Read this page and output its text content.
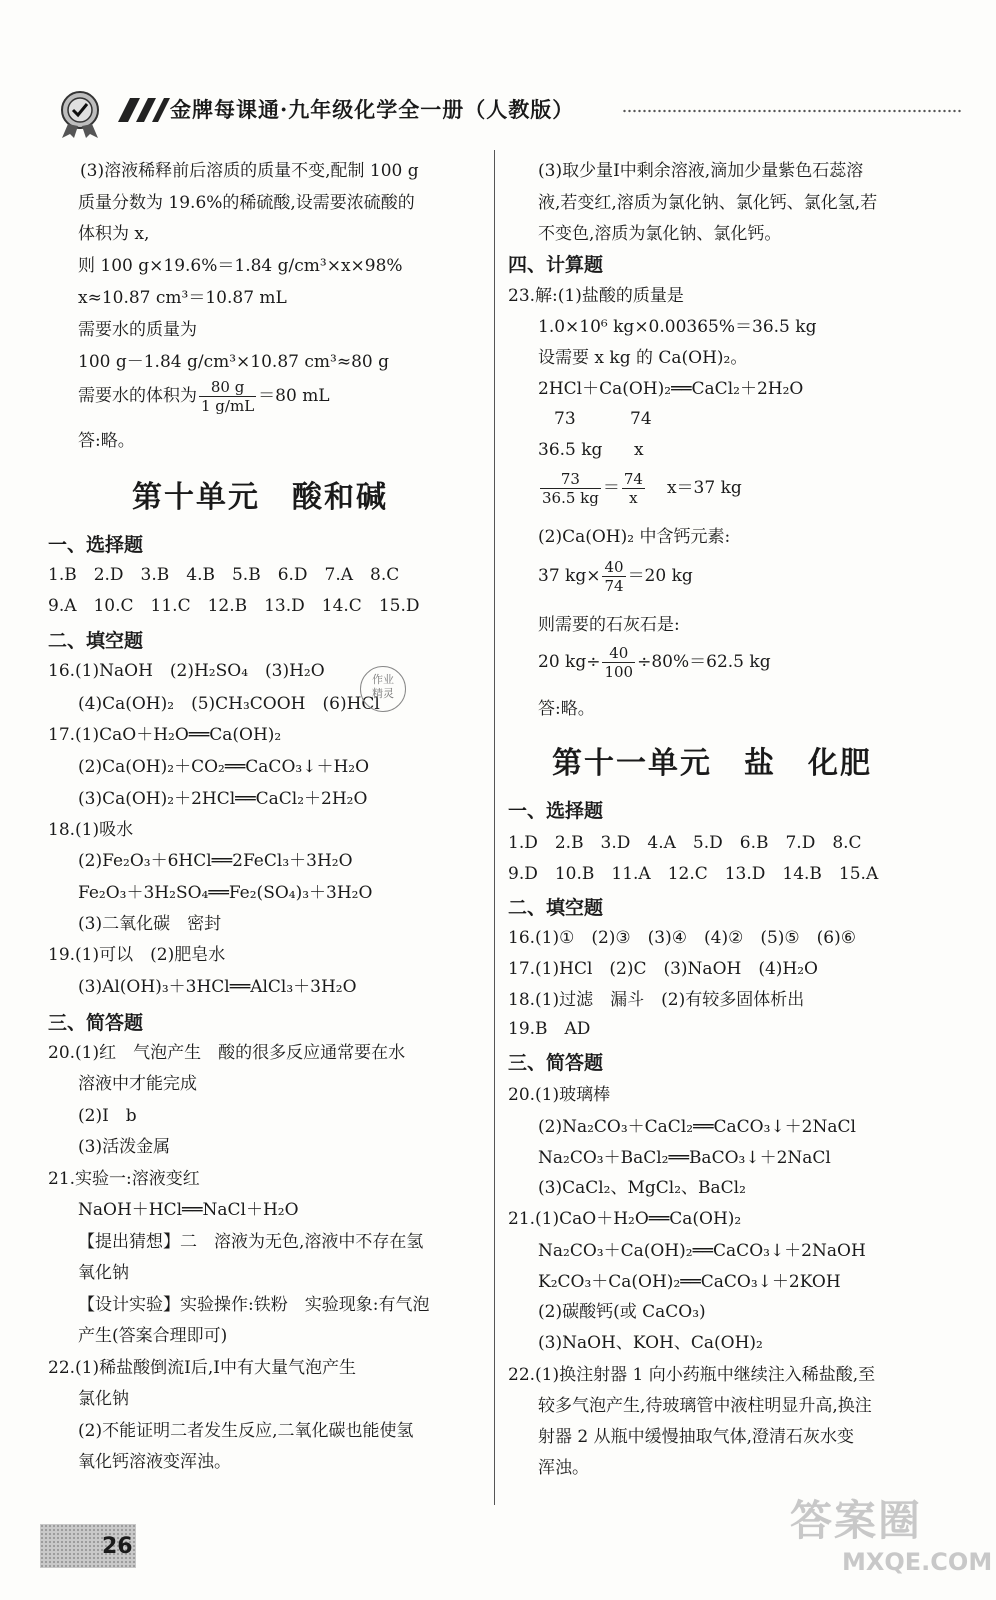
金牌每课通·九年级化学全一册（人教版）
(3)溶液稀释前后溶质的质量不变,配制 100 g
质量分数为 19.6%的稀硫酸,设需要浓硫酸的
体积为 x,
则 100 g×19.6%＝1.84 g/cm³×x×98%
x≈10.87 cm³＝10.87 mL
需要水的质量为
100 g－1.84 g/cm³×10.87 cm³≈80 g
需要水的体积为 $\frac{80 g}{1 g/mL} =80$ mL
答:略。
第十单元　酸和碱
一、选择题
1.B　2.D　3.B　4.B　5.B　6.D　7.A　8.C
9.A　10.C　11.C　12.B　13.D　14.C　15.D
二、填空题
16.(1)NaOH　(2)H₂SO₄　(3)H₂O
(4)Ca(OH)₂　(5)CH₃COOH　(6)HCl
作业
精灵
17.(1)CaO＋H₂O══Ca(OH)₂
(2)Ca(OH)₂＋CO₂══CaCO₃↓＋H₂O
(3)Ca(OH)₂＋2HCl══CaCl₂＋2H₂O
18.(1)吸水
(2)Fe₂O₃＋6HCl══2FeCl₃＋3H₂O
Fe₂O₃＋3H₂SO₄══Fe₂(SO₄)₃＋3H₂O
(3)二氧化碳　密封
19.(1)可以　(2)肥皂水
(3)Al(OH)₃＋3HCl══AlCl₃＋3H₂O
三、简答题
20.(1)红　气泡产生　酸的很多反应通常要在水
溶液中才能完成
(2)Ⅰ　b
(3)活泼金属
21.实验一:溶液变红
NaOH＋HCl══NaCl＋H₂O
【提出猜想】二　溶液为无色,溶液中不存在氢
氧化钠
【设计实验】实验操作:铁粉　实验现象:有气泡
产生(答案合理即可)
22.(1)稀盐酸倒流Ⅰ后,Ⅰ中有大量气泡产生
氯化钠
(2)不能证明二者发生反应,二氧化碳也能使氢
氧化钙溶液变浑浊。
(3)取少量Ⅰ中剩余溶液,滴加少量紫色石蕊溶
液,若变红,溶质为氯化钠、氯化钙、氯化氢,若
不变色,溶质为氯化钠、氯化钙。
四、计算题
23.解:(1)盐酸的质量是
1.0×10⁶ kg×0.00365%＝36.5 kg
设需要 x kg 的 Ca(OH)₂。
2HCl＋Ca(OH)₂══CaCl₂＋2H₂O
73	74
36.5 kg x
$\frac{73}{36.5 kg} = \frac{74}{x} x=37$ kg
(2)Ca(OH)₂ 中含钙元素:
37 $kg\times \frac{40}{74} =20$ kg
则需要的石灰石是:
20 $kg\div \frac{40}{100} \div 80\%=62.5$ kg
答:略。
第十一单元　盐　化肥
一、选择题
1.D　2.B　3.D　4.A　5.D　6.B　7.D　8.C
9.D　10.B　11.A　12.C　13.D　14.B　15.A
二、填空题
16.(1)①　(2)③　(3)④　(4)②　(5)⑤　(6)⑥
17.(1)HCl　(2)C　(3)NaOH　(4)H₂O
18.(1)过滤　漏斗　(2)有较多固体析出
19.B　AD
三、简答题
20.(1)玻璃棒
(2)Na₂CO₃＋CaCl₂══CaCO₃↓＋2NaCl
Na₂CO₃＋BaCl₂══BaCO₃↓＋2NaCl
(3)CaCl₂、MgCl₂、BaCl₂
21.(1)CaO＋H₂O══Ca(OH)₂
Na₂CO₃＋Ca(OH)₂══CaCO₃↓＋2NaOH
K₂CO₃＋Ca(OH)₂══CaCO₃↓＋2KOH
(2)碳酸钙(或 CaCO₃)
(3)NaOH、KOH、Ca(OH)₂
22.(1)换注射器 1 向小药瓶中继续注入稀盐酸,至
较多气泡产生,待玻璃管中液柱明显升高,换注
射器 2 从瓶中缓慢抽取气体,澄清石灰水变
浑浊。
26
答案圈
MXQE.COM
